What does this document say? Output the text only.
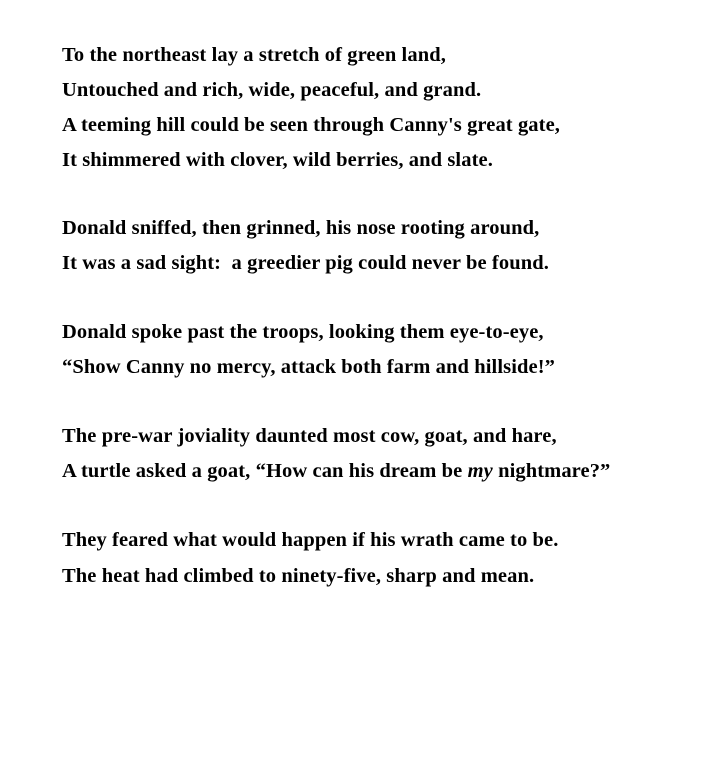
To the northeast lay a stretch of green land,
Untouched and rich, wide, peaceful, and grand.
A teeming hill could be seen through Canny's great gate,
It shimmered with clover, wild berries, and slate.
Donald sniffed, then grinned, his nose rooting around,
It was a sad sight:  a greedier pig could never be found.
Donald spoke past the troops, looking them eye-to-eye,
“Show Canny no mercy, attack both farm and hillside!”
The pre-war joviality daunted most cow, goat, and hare,
A turtle asked a goat, “How can his dream be my nightmare?”
They feared what would happen if his wrath came to be.
The heat had climbed to ninety-five, sharp and mean.
